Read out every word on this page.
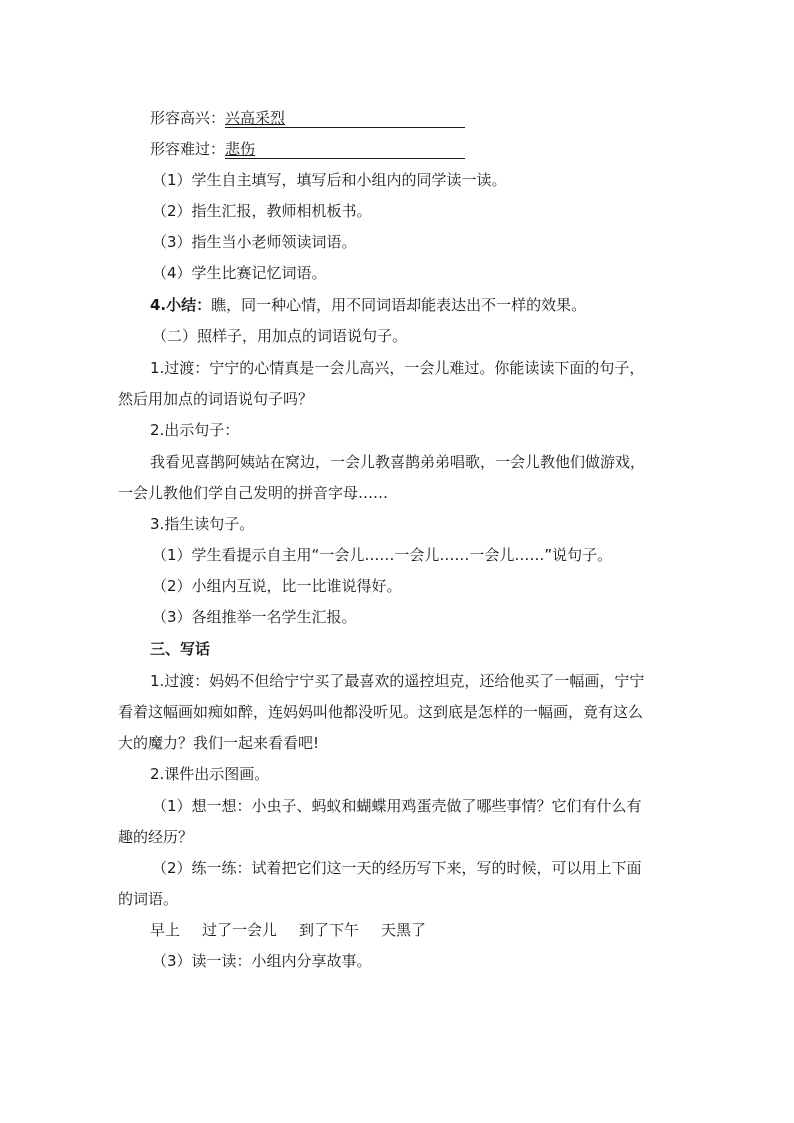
形容高兴：兴高采烈
形容难过：悲伤
（1）学生自主填写，填写后和小组内的同学读一读。
（2）指生汇报，教师相机板书。
（3）指生当小老师领读词语。
（4）学生比赛记忆词语。
4.小结：瞧，同一种心情，用不同词语却能表达出不一样的效果。
（二）照样子，用加点的词语说句子。
1.过渡：宁宁的心情真是一会儿高兴，一会儿难过。你能读读下面的句子，
然后用加点的词语说句子吗？
2.出示句子：
我看见喜鹊阿姨站在窝边，一会儿教喜鹊弟弟唱歌，一会儿教他们做游戏，
一会儿教他们学自己发明的拼音字母……
3.指生读句子。
（1）学生看提示自主用“一会儿……一会儿……一会儿……”说句子。
（2）小组内互说，比一比谁说得好。
（3）各组推举一名学生汇报。
三、写话
1.过渡：妈妈不但给宁宁买了最喜欢的遥控坦克，还给他买了一幅画，宁宁
看着这幅画如痴如醉，连妈妈叫他都没听见。这到底是怎样的一幅画，竟有这么
大的魔力？我们一起来看看吧!
2.课件出示图画。
（1）想一想：小虫子、蚂蚁和蝴蝶用鸡蛋壳做了哪些事情？它们有什么有
趣的经历？
（2）练一练：试着把它们这一天的经历写下来，写的时候，可以用上下面
的词语。
早上 过了一会儿 到了下午 天黑了
（3）读一读：小组内分享故事。
